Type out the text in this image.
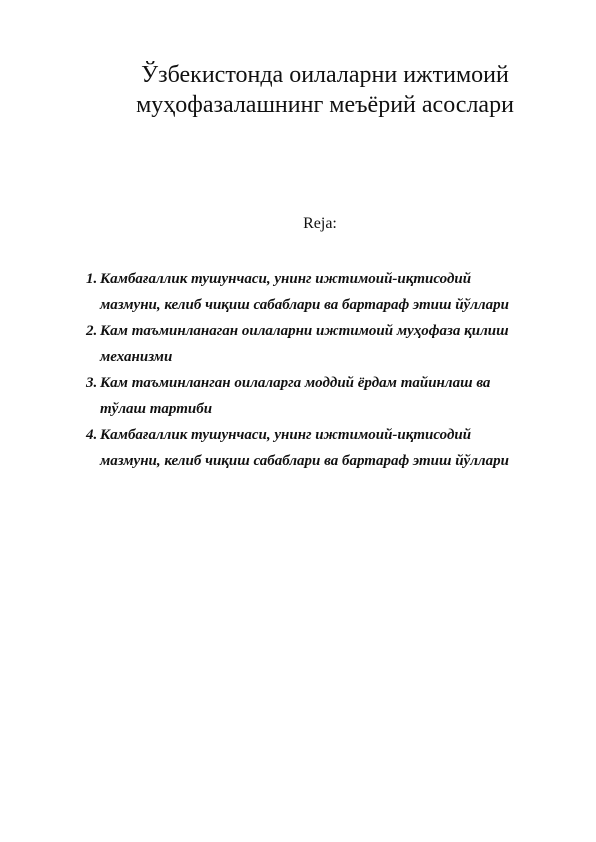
Ўзбекистонда оилаларни ижтимоий
муҳофазалашнинг меъёрий асослари
Reja:
1. Камбағаллик тушунчаси, унинг ижтимоий-иқтисодий
мазмуни, келиб чиқиш сабаблари ва бартараф этиш йўллари
2. Кам таъминланаган оилаларни ижтимоий муҳофаза қилиш
механизми
3. Кам таъминланган оилаларга моддий ёрдам тайинлаш ва
тўлаш тартиби
4. Камбағаллик тушунчаси, унинг ижтимоий-иқтисодий
мазмуни, келиб чиқиш сабаблари ва бартараф этиш йўллари
